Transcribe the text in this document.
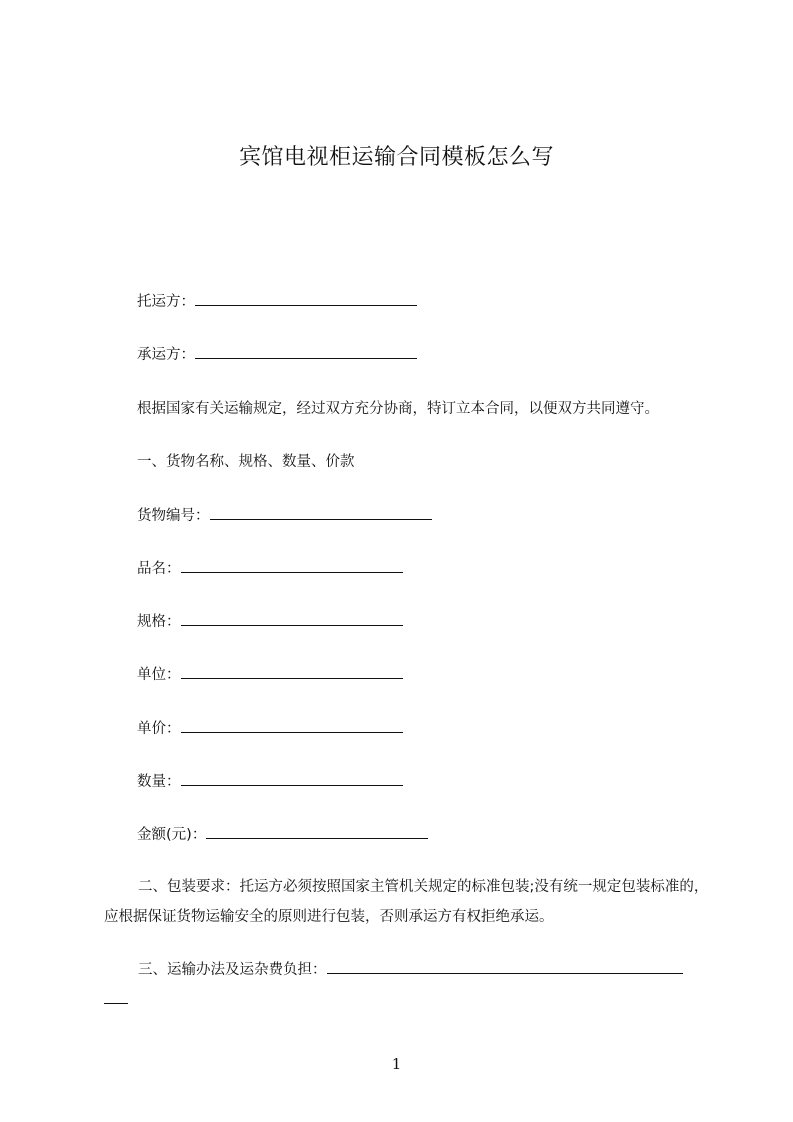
宾馆电视柜运输合同模板怎么写
托运方：
承运方：
根据国家有关运输规定，经过双方充分协商，特订立本合同，以便双方共同遵守。
一、货物名称、规格、数量、价款
货物编号：
品名：
规格：
单位：
单价：
数量：
金额(元)：
二、包装要求：托运方必须按照国家主管机关规定的标准包装;没有统一规定包装标准的，应根据保证货物运输安全的原则进行包装，否则承运方有权拒绝承运。
三、运输办法及运杂费负担：

1
